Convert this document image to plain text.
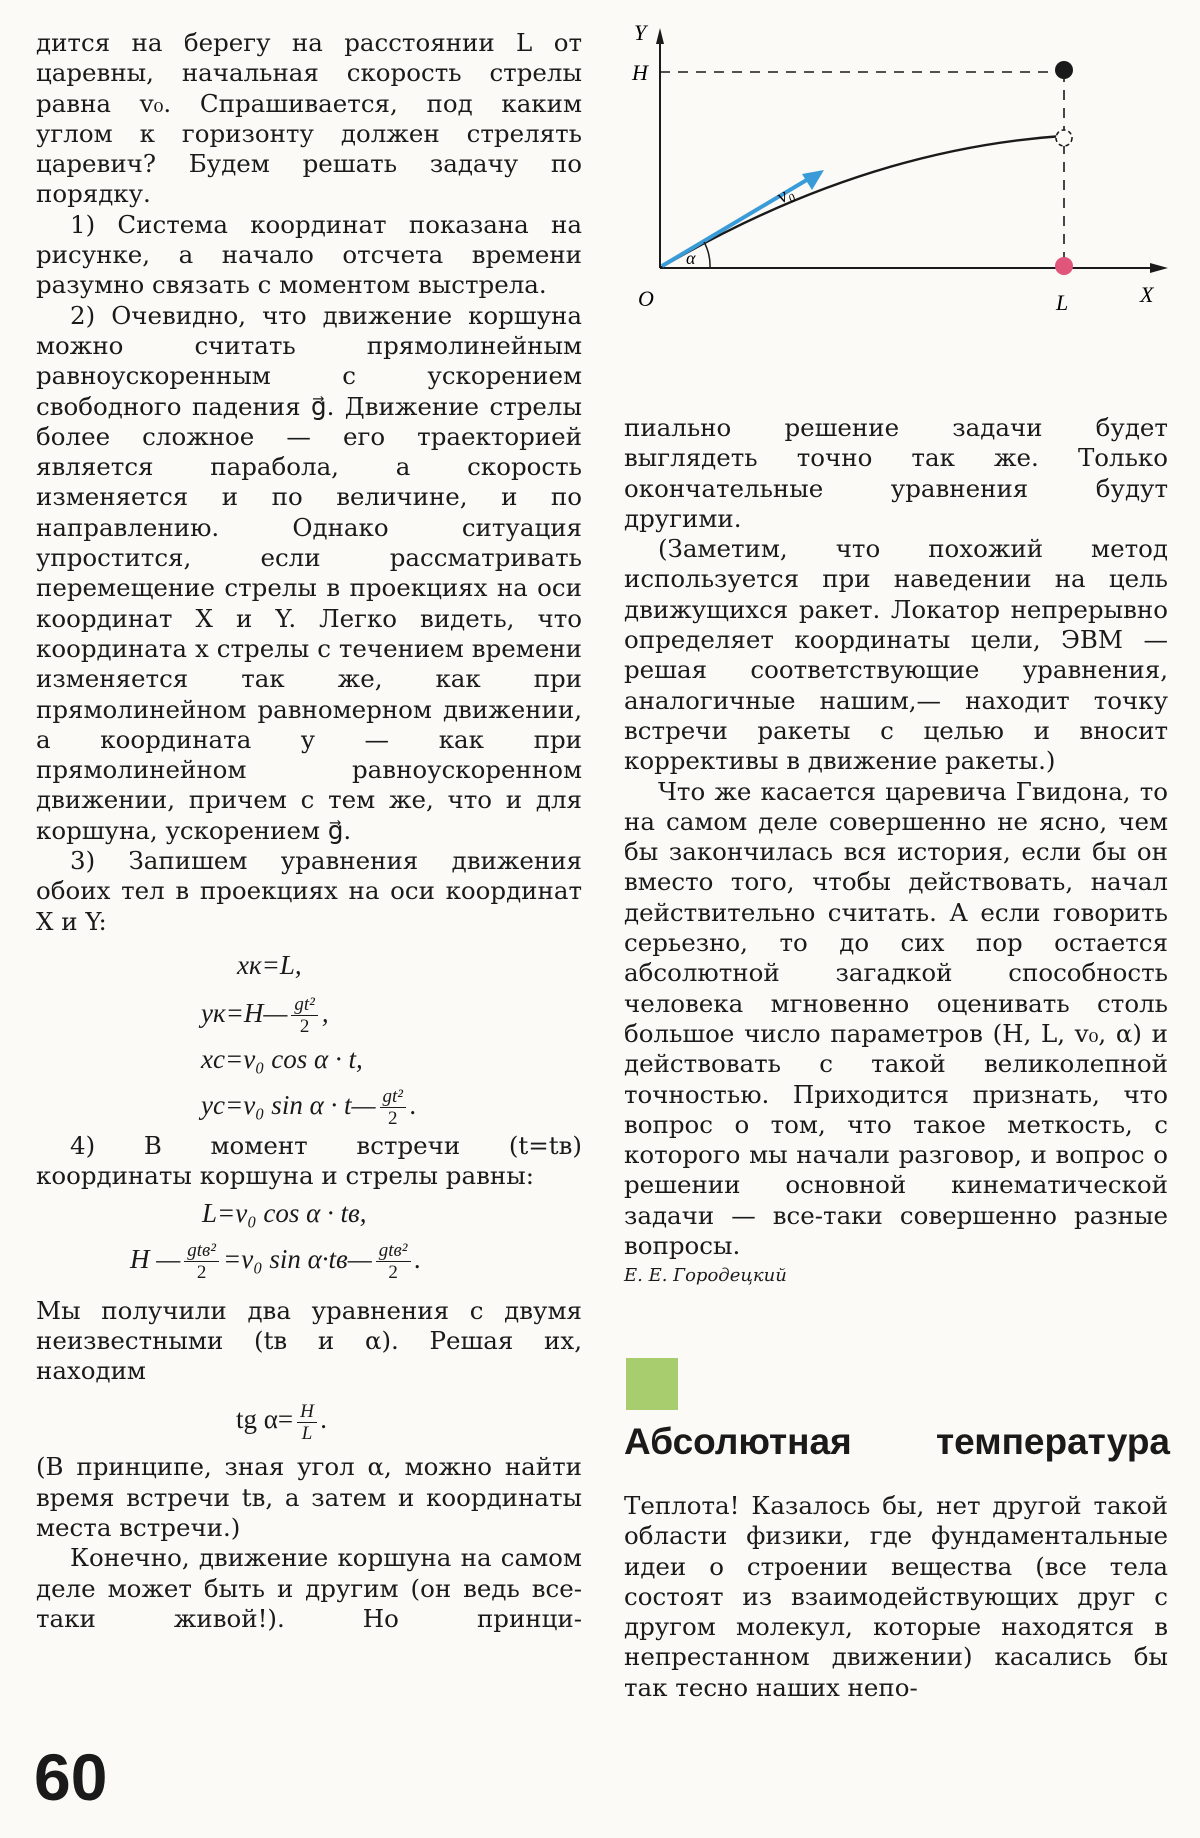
дится на берегу на расстоянии L от царевны, начальная скорость стрелы равна v₀. Спрашивается, под каким углом к горизонту должен стрелять царевич? Будем решать задачу по порядку.

1) Система координат показана на рисунке, а начало отсчета времени разумно связать с моментом выстрела.

2) Очевидно, что движение коршуна можно считать прямолинейным равноускоренным с ускорением свободного падения g⃗. Движение стрелы более сложное — его траекторией является парабола, а скорость изменяется и по величине, и по направлению. Однако ситуация упростится, если рассматривать перемещение стрелы в проекциях на оси координат X и Y. Легко видеть, что координата x стрелы с течением времени изменяется так же, как при прямолинейном равномерном движении, а координата y — как при прямолинейном равноускоренном движении, причем с тем же, что и для коршуна, ускорением g⃗.

3) Запишем уравнения движения обоих тел в проекциях на оси координат X и Y:

xк=L,

yк=H— $\frac{\text{gt²}}{2}$ ,

xс=v₀ cos α · t,

yс=v₀ sin α · t— $\frac{\text{gt²}}{2}$ .

4) В момент встречи (t=tв) координаты коршуна и стрелы равны:

L=v₀ cos α · tв,

H — gtв²
2 =v₀ sin α·tв— gtв²
2 .

Мы получили два уравнения с двумя неизвестными (tв и α). Решая их, находим

tg $\alpha= \frac{H}{L}$ .

(В принципе, зная угол α, можно найти время встречи tв, а затем и координаты места встречи.)

Конечно, движение коршуна на самом деле может быть и другим (он ведь все-таки живой!). Но принци-

Y
H
X
O	L
v₀
α

пиально решение задачи будет выглядеть точно так же. Только окончательные уравнения будут другими.

(Заметим, что похожий метод используется при наведении на цель движущихся ракет. Локатор непрерывно определяет координаты цели, ЭВМ — решая соответствующие уравнения, аналогичные нашим,— находит точку встречи ракеты с целью и вносит коррективы в движение ракеты.)

Что же касается царевича Гвидона, то на самом деле совершенно не ясно, чем бы закончилась вся история, если бы он вместо того, чтобы действовать, начал действительно считать. А если говорить серьезно, то до сих пор остается абсолютной загадкой способность человека мгновенно оценивать столь большое число параметров (H, L, v₀, α) и действовать с такой великолепной точностью. Приходится признать, что вопрос о том, что такое меткость, с которого мы начали разговор, и вопрос о решении основной кинематической задачи — все-таки совершенно разные вопросы.

Е. Е. Городецкий

Абсолютная температура

Теплота! Казалось бы, нет другой такой области физики, где фундаментальные идеи о строении вещества (все тела состоят из взаимодействующих друг с другом молекул, которые находятся в непрестанном движении) касались бы так тесно наших непо-

60
